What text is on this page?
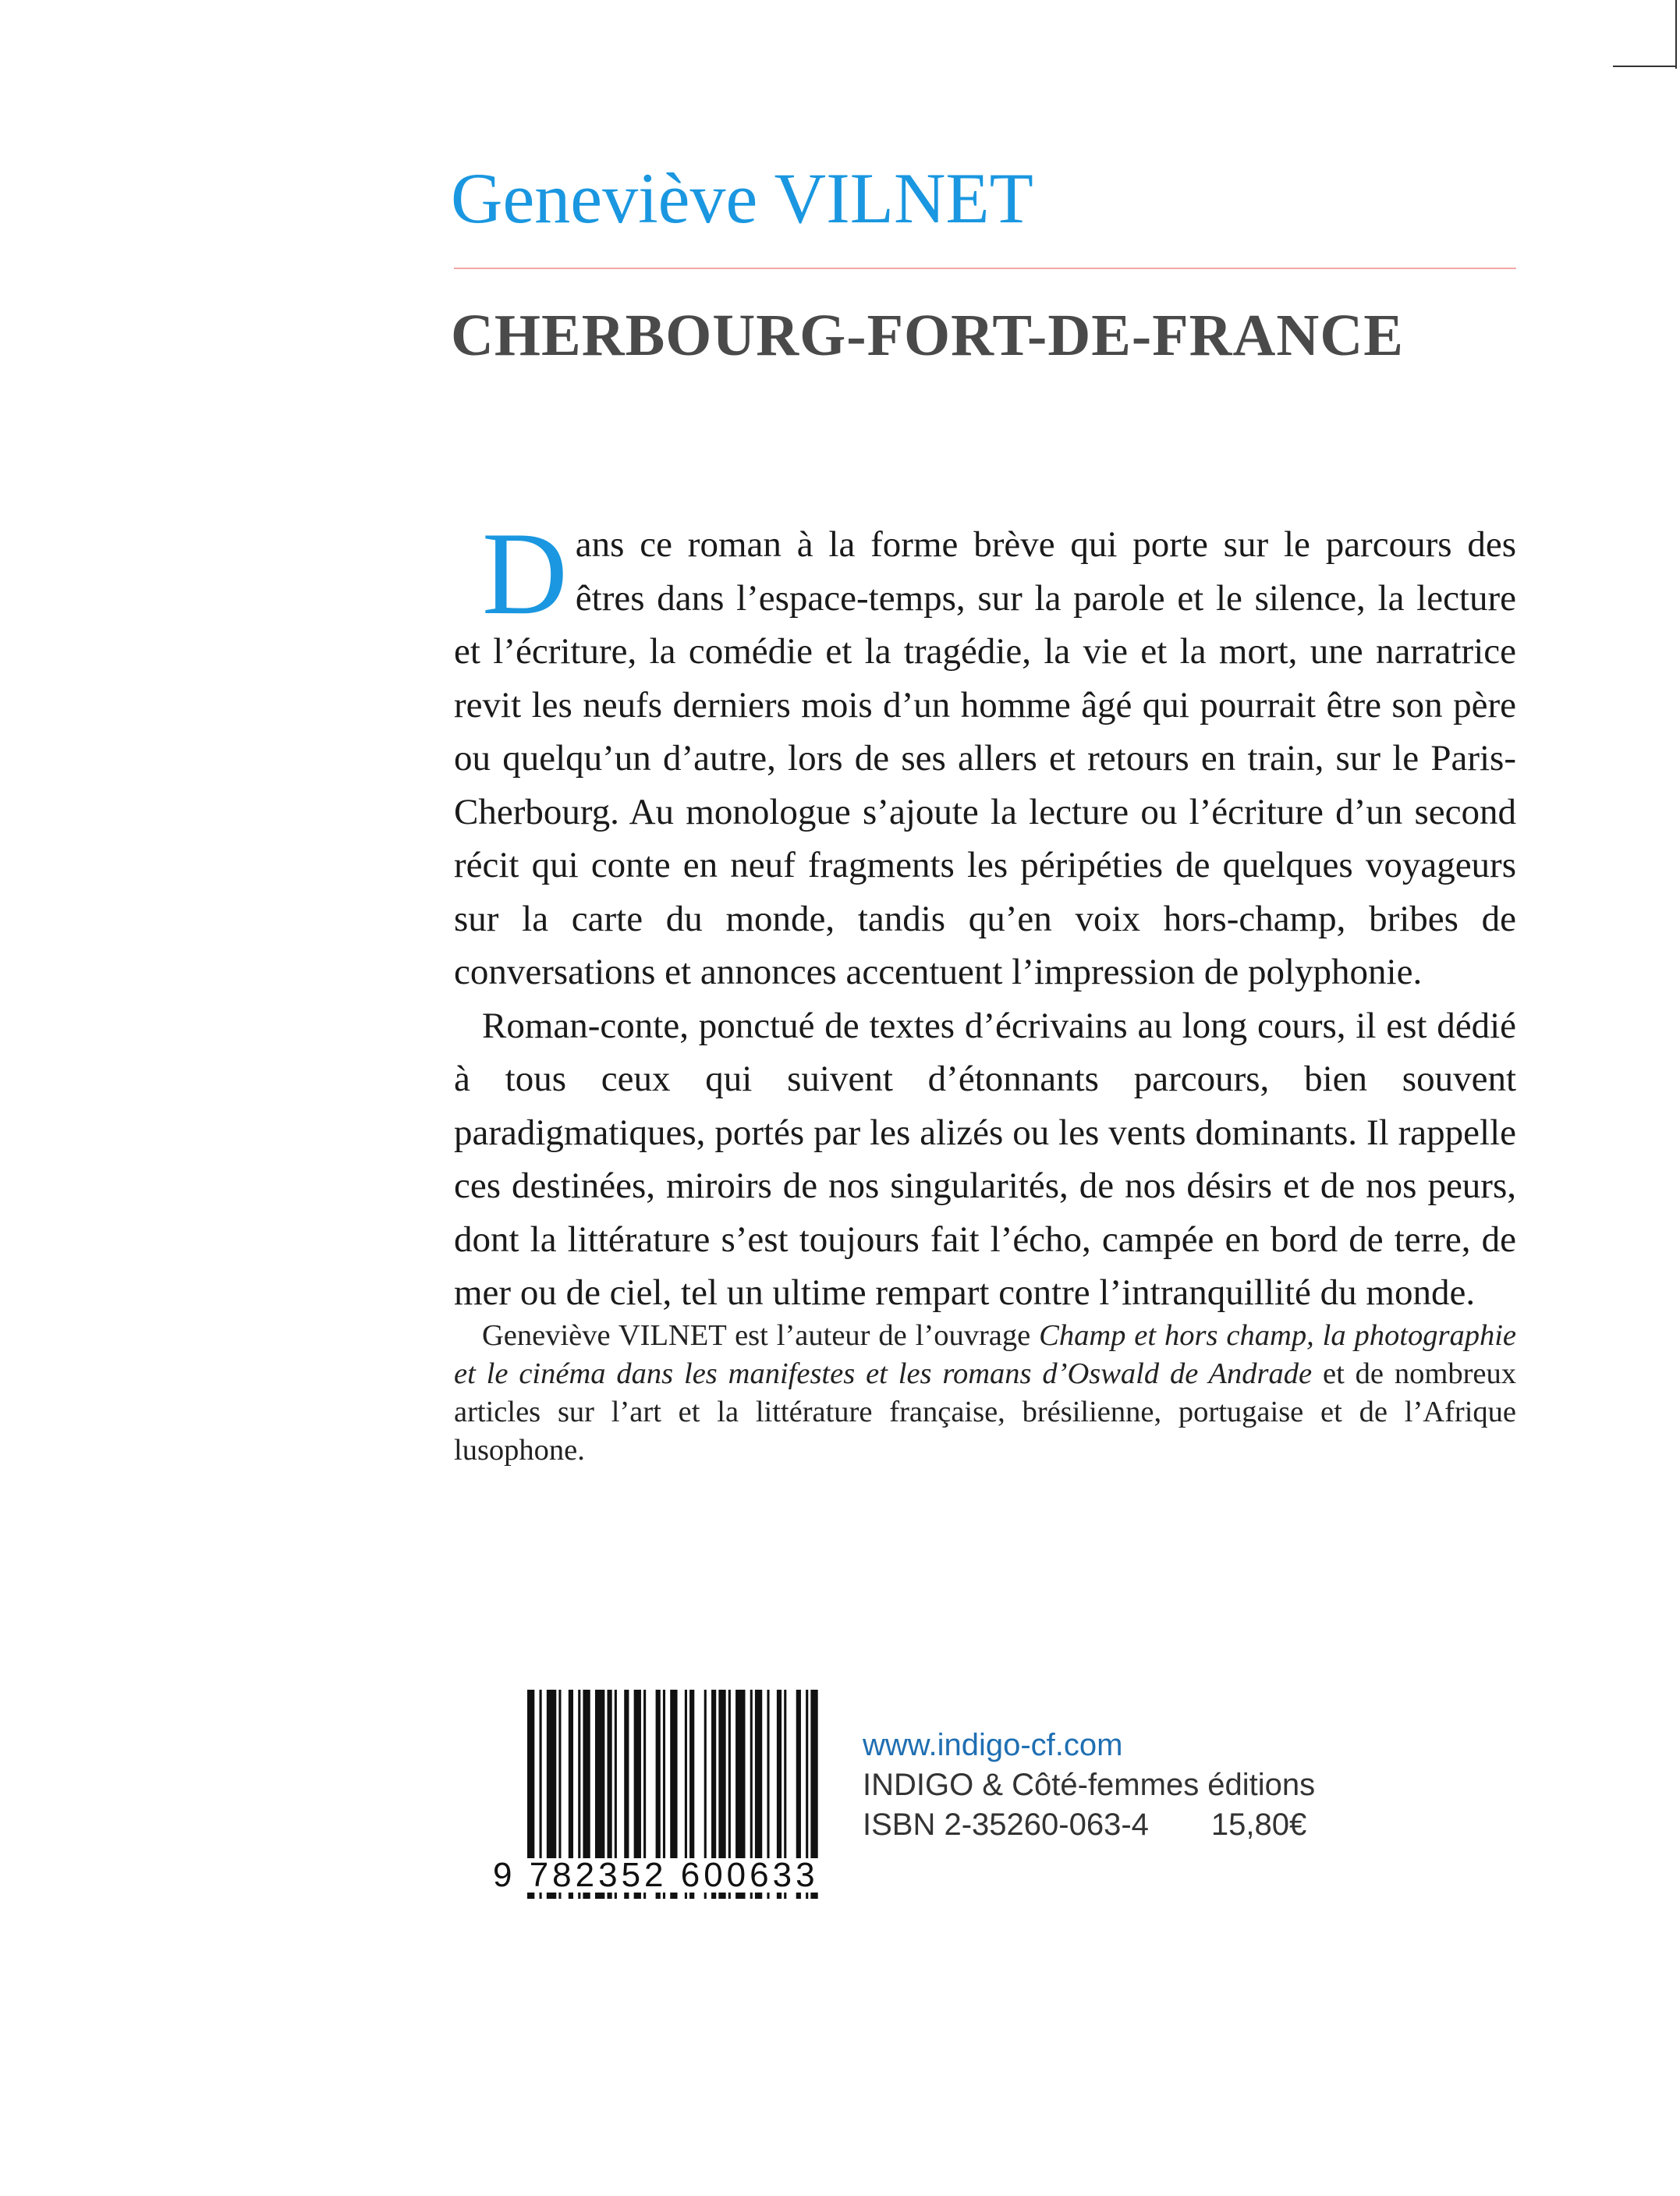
Geneviève VILNET
CHERBOURG-FORT-DE-FRANCE

Dans ce roman à la forme brève qui porte sur le parcours des êtres dans l’espace-temps, sur la parole et le silence, la lecture et l’écriture, la comédie et la tragédie, la vie et la mort, une narratrice revit les neufs derniers mois d’un homme âgé qui pourrait être son père ou quelqu’un d’autre, lors de ses allers et retours en train, sur le Paris-Cherbourg. Au monologue s’ajoute la lecture ou l’écriture d’un second récit qui conte en neuf fragments les péripéties de quelques voyageurs sur la carte du monde, tandis qu’en voix hors-champ, bribes de conversations et annonces accentuent l’impression de polyphonie.

Roman-conte, ponctué de textes d’écrivains au long cours, il est dédié à tous ceux qui suivent d’étonnants parcours, bien souvent paradigmatiques, portés par les alizés ou les vents dominants. Il rappelle ces destinées, miroirs de nos singularités, de nos désirs et de nos peurs, dont la littérature s’est toujours fait l’écho, campée en bord de terre, de mer ou de ciel, tel un ultime rempart contre l’intranquillité du monde.

Geneviève VILNET est l’auteur de l’ouvrage Champ et hors champ, la photographie et le cinéma dans les manifestes et les romans d’Oswald de Andrade et de nombreux articles sur l’art et la littérature française, brésilienne, portugaise et de l’Afrique lusophone.

9 782352 600633
www.indigo-cf.com
INDIGO & Côté-femmes éditions
ISBN 2-35260-063-4 15,80€
